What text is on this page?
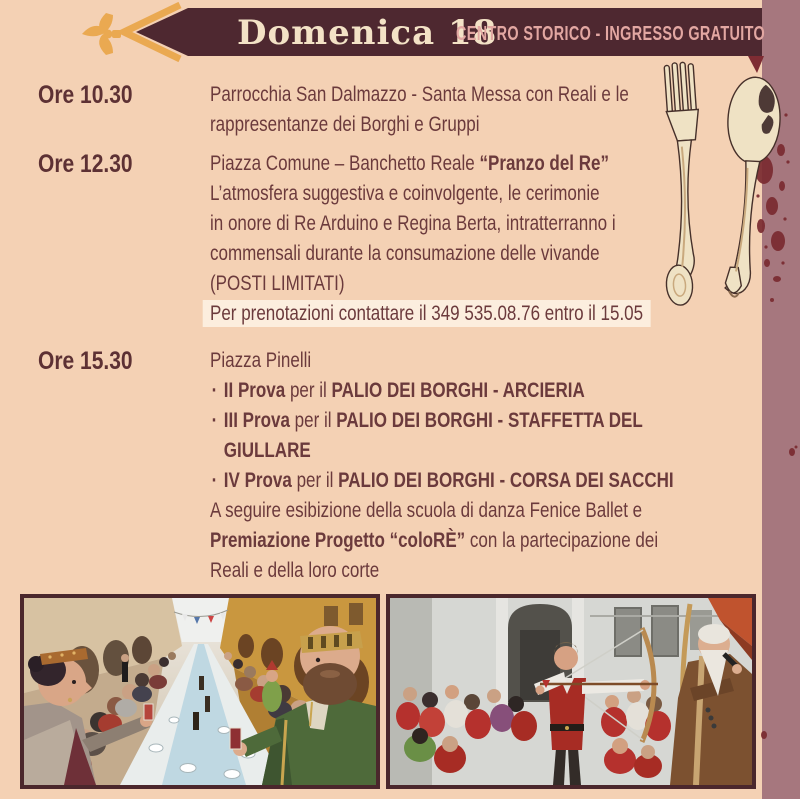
Domenica 18
CENTRO STORICO - INGRESSO GRATUITO
Ore 10.30	Parrocchia San Dalmazzo - Santa Messa con Reali e le
rappresentanze dei Borghi e Gruppi
Ore 12.30	Piazza Comune – Banchetto Reale “Pranzo del Re”
L’atmosfera suggestiva e coinvolgente, le cerimonie
in onore di Re Arduino e Regina Berta, intratterranno i
commensali durante la consumazione delle vivande
(POSTI LIMITATI)
Per prenotazioni contattare il 349 535.08.76 entro il 15.05
Ore 15.30	Piazza Pinelli
· II Prova per il PALIO DEI BORGHI - ARCIERIA
· III Prova per il PALIO DEI BORGHI - STAFFETTA DEL
GIULLARE
· IV Prova per il PALIO DEI BORGHI - CORSA DEI SACCHI
A seguire esibizione della scuola di danza Fenice Ballet e
Premiazione Progetto “coloRÈ” con la partecipazione dei
Reali e della loro corte
